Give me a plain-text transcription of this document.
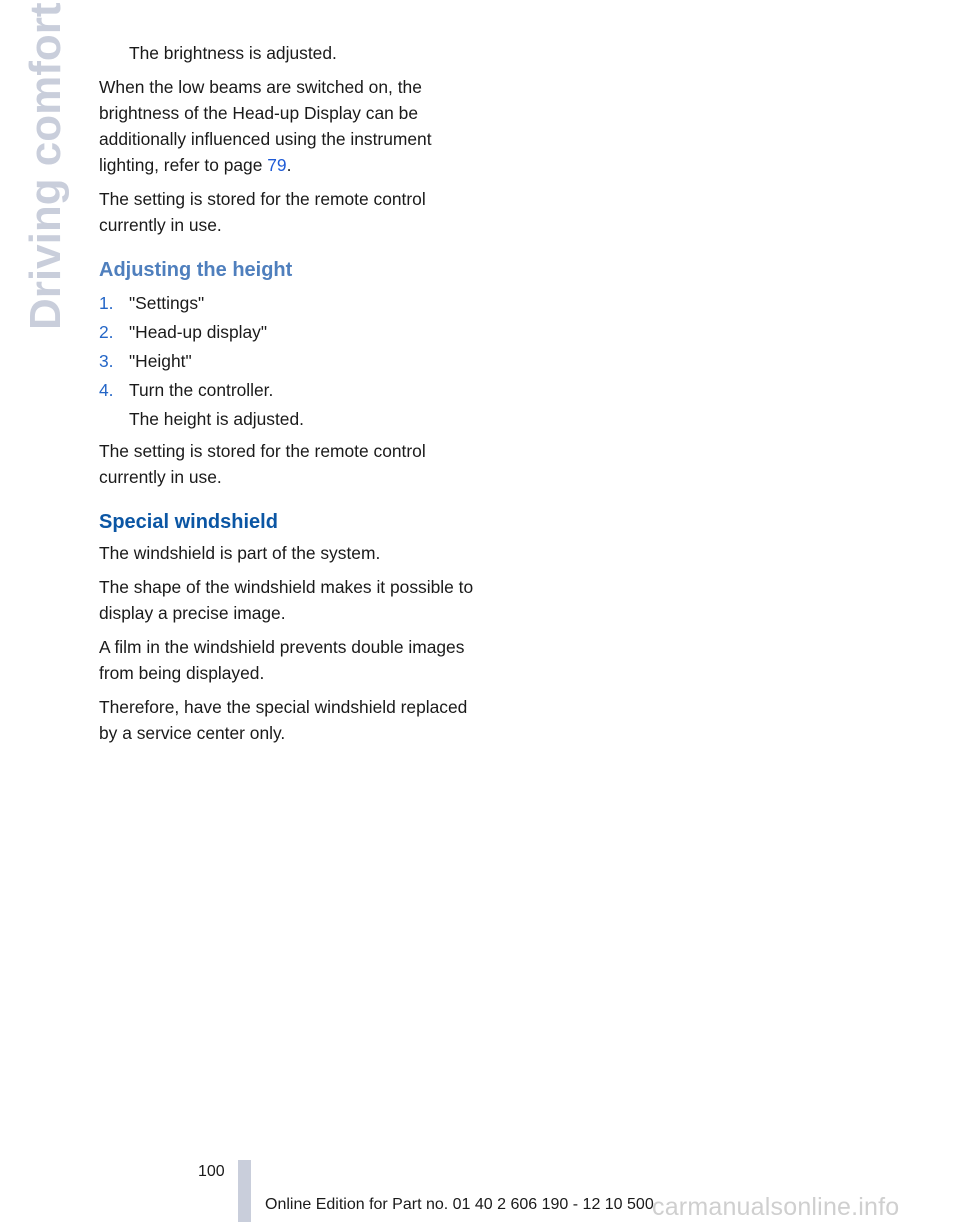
Driving comfort	The brightness is adjusted.

When the low beams are switched on, the brightness of the Head-up Display can be additionally influenced using the instrument lighting, refer to page 79.

The setting is stored for the remote control currently in use.

Adjusting the height
1. "Settings"
2. "Head-up display"
3. "Height"
4. Turn the controller.

The height is adjusted.

The setting is stored for the remote control currently in use.

Special windshield

The windshield is part of the system.

The shape of the windshield makes it possible to display a precise image.

A film in the windshield prevents double images from being displayed.

Therefore, have the special windshield replaced by a service center only.

100
Online Edition for Part no. 01 40 2 606 190 - 12 10 500
carmanualsonline.info
